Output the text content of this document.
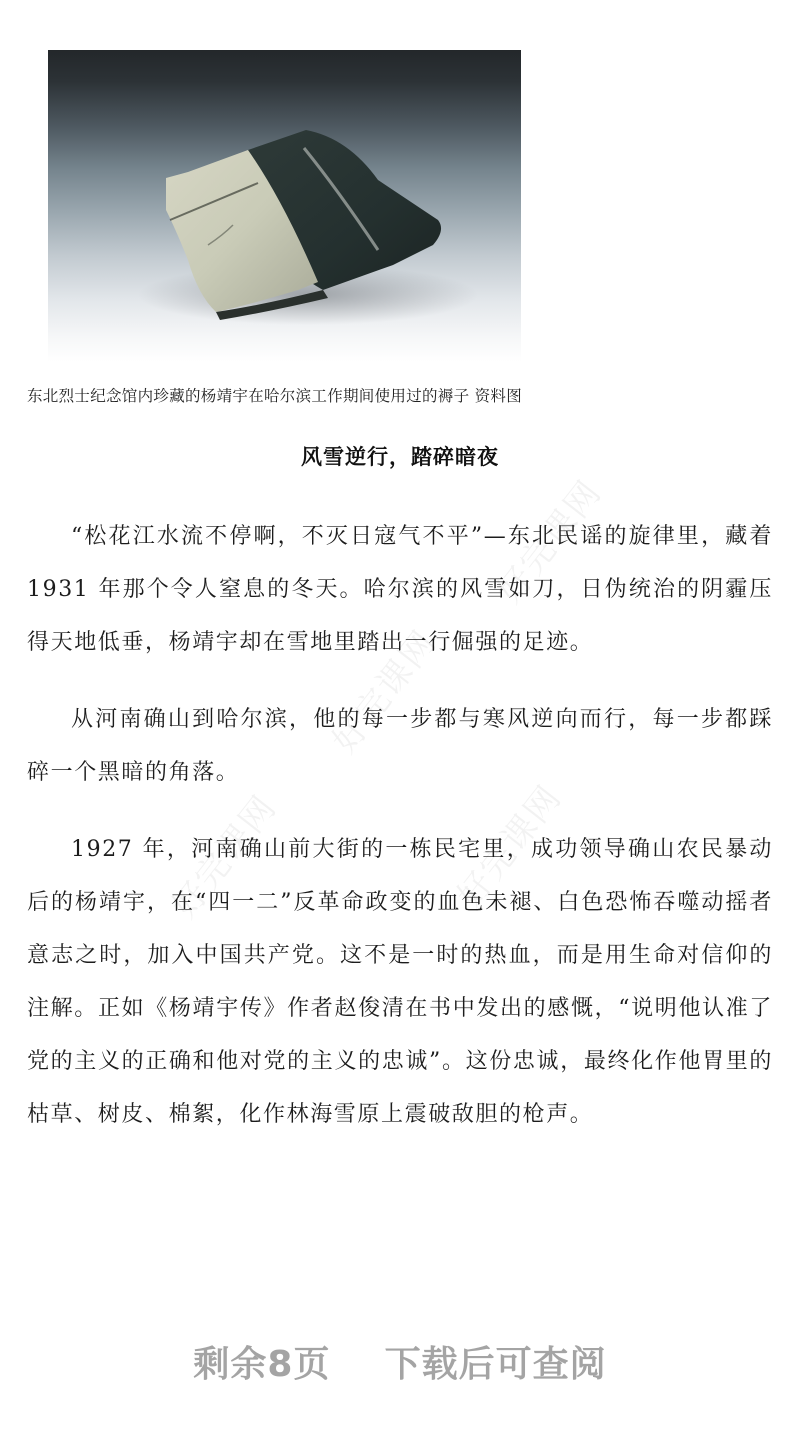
东北烈士纪念馆内珍藏的杨靖宇在哈尔滨工作期间使用过的褥子 资料图
风雪逆行，踏碎暗夜

“松花江水流不停啊，不灭日寇气不平”—东北民谣的旋律里，藏着 1931 年那个令人窒息的冬天。哈尔滨的风雪如刀，日伪统治的阴霾压得天地低垂，杨靖宇却在雪地里踏出一行倔强的足迹。

从河南确山到哈尔滨，他的每一步都与寒风逆向而行，每一步都踩碎一个黑暗的角落。

1927 年，河南确山前大街的一栋民宅里，成功领导确山农民暴动后的杨靖宇，在“四一二”反革命政变的血色未褪、白色恐怖吞噬动摇者意志之时，加入中国共产党。这不是一时的热血，而是用生命对信仰的注解。正如《杨靖宇传》作者赵俊清在书中发出的感慨，“说明他认准了党的主义的正确和他对党的主义的忠诚”。这份忠诚，最终化作他胃里的枯草、树皮、棉絮，化作林海雪原上震破敌胆的枪声。

好完课网
好完课网
好完课网	好完课网
剩余8页    下载后可查阅
